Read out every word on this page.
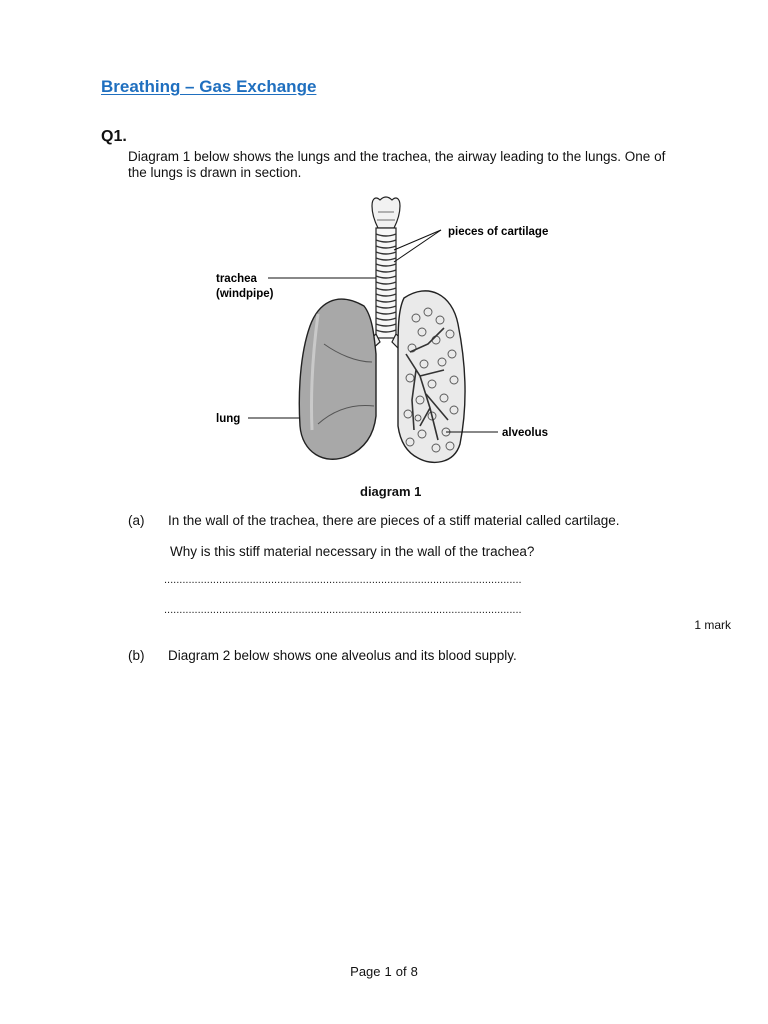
Breathing – Gas Exchange
Q1.
Diagram 1 below shows the lungs and the trachea, the airway leading to the lungs. One of
the lungs is drawn in section.
pieces of cartilage
trachea
(windpipe)
lung
alveolus
diagram 1
(a) In the wall of the trachea, there are pieces of a stiff material called cartilage.
Why is this stiff material necessary in the wall of the trachea?
.....................................................................................................................
.....................................................................................................................
1 mark
(b) Diagram 2 below shows one alveolus and its blood supply.
Page 1 of 8
